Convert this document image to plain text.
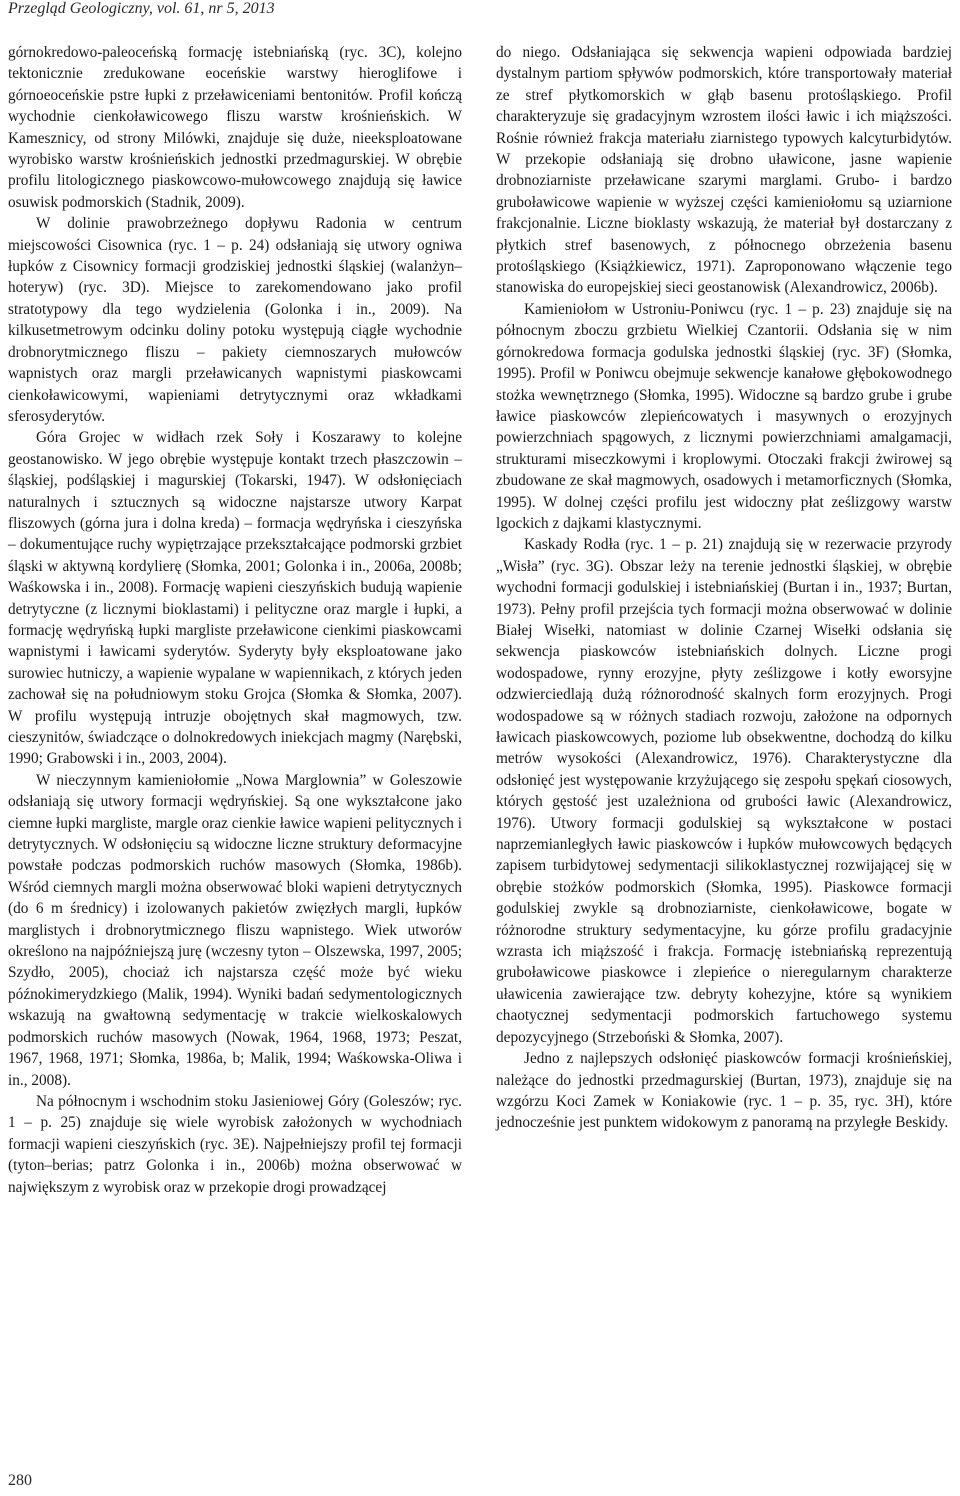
Przegląd Geologiczny, vol. 61, nr 5, 2013

górnokredowo-paleoceńską formację istebniańską (ryc. 3C), kolejno tektonicznie zredukowane eoceńskie warstwy hieroglifowe i górnoeoceńskie pstre łupki z przeławiceniami bentonitów. Profil kończą wychodnie cienkoławicowego fliszu warstw krośnieńskich. W Kamesznicy, od strony Milówki, znajduje się duże, nieeksploatowane wyrobisko warstw krośnieńskich jednostki przedmagurskiej. W obrębie profilu litologicznego piaskowcowo-mułowcowego znajdują się ławice osuwisk podmorskich (Stadnik, 2009).

W dolinie prawobrzeżnego dopływu Radonia w centrum miejscowości Cisownica (ryc. 1 – p. 24) odsłaniają się utwory ogniwa łupków z Cisownicy formacji grodziskiej jednostki śląskiej (walanżyn–hoteryw) (ryc. 3D). Miejsce to zarekomendowano jako profil stratotypowy dla tego wydzielenia (Golonka i in., 2009). Na kilkusetmetrowym odcinku doliny potoku występują ciągłe wychodnie drobnorytmicznego fliszu – pakiety ciemnoszarych mułowców wapnistych oraz margli przeławicanych wapnistymi piaskowcami cienkoławicowymi, wapieniami detrytycznymi oraz wkładkami sferosyderytów.

Góra Grojec w widłach rzek Soły i Koszarawy to kolejne geostanowisko. W jego obrębie występuje kontakt trzech płaszczowin – śląskiej, podśląskiej i magurskiej (Tokarski, 1947). W odsłonięciach naturalnych i sztucznych są widoczne najstarsze utwory Karpat fliszowych (górna jura i dolna kreda) – formacja wędryńska i cieszyńska – dokumentujące ruchy wypiętrzające przekształcające podmorski grzbiet śląski w aktywną kordylierę (Słomka, 2001; Golonka i in., 2006a, 2008b; Waśkowska i in., 2008). Formację wapieni cieszyńskich budują wapienie detrytyczne (z licznymi bioklastami) i pelityczne oraz margle i łupki, a formację wędryńską łupki margliste przeławicone cienkimi piaskowcami wapnistymi i ławicami syderytów. Syderyty były eksploatowane jako surowiec hutniczy, a wapienie wypalane w wapiennikach, z których jeden zachował się na południowym stoku Grojca (Słomka & Słomka, 2007). W profilu występują intruzje obojętnych skał magmowych, tzw. cieszynitów, świadczące o dolnokredowych iniekcjach magmy (Narębski, 1990; Grabowski i in., 2003, 2004).

W nieczynnym kamieniołomie „Nowa Marglownia” w Goleszowie odsłaniają się utwory formacji wędryńskiej. Są one wykształcone jako ciemne łupki margliste, margle oraz cienkie ławice wapieni pelitycznych i detrytycznych. W odsłonięciu są widoczne liczne struktury deformacyjne powstałe podczas podmorskich ruchów masowych (Słomka, 1986b). Wśród ciemnych margli można obserwować bloki wapieni detrytycznych (do 6 m średnicy) i izolowanych pakietów zwięzłych margli, łupków marglistych i drobnorytmicznego fliszu wapnistego. Wiek utworów określono na najpóźniejszą jurę (wczesny tyton – Olszewska, 1997, 2005; Szydło, 2005), chociaż ich najstarsza część może być wieku późnokimerydzkiego (Malik, 1994). Wyniki badań sedymentologicznych wskazują na gwałtowną sedymentację w trakcie wielkoskalowych podmorskich ruchów masowych (Nowak, 1964, 1968, 1973; Peszat, 1967, 1968, 1971; Słomka, 1986a, b; Malik, 1994; Waśkowska-Oliwa i in., 2008).

Na północnym i wschodnim stoku Jasieniowej Góry (Goleszów; ryc. 1 – p. 25) znajduje się wiele wyrobisk założonych w wychodniach formacji wapieni cieszyńskich (ryc. 3E). Najpełniejszy profil tej formacji (tyton–berias; patrz Golonka i in., 2006b) można obserwować w największym z wyrobisk oraz w przekopie drogi prowadzącej

do niego. Odsłaniająca się sekwencja wapieni odpowiada bardziej dystalnym partiom spływów podmorskich, które transportowały materiał ze stref płytkomorskich w głąb basenu protośląskiego. Profil charakteryzuje się gradacyjnym wzrostem ilości ławic i ich miąższości. Rośnie również frakcja materiału ziarnistego typowych kalcyturbidytów. W przekopie odsłaniają się drobno uławicone, jasne wapienie drobnoziarniste przeławicane szarymi marglami. Grubo- i bardzo gruboławicowe wapienie w wyższej części kamieniołomu są uziarnione frakcjonalnie. Liczne bioklasty wskazują, że materiał był dostarczany z płytkich stref basenowych, z północnego obrzeżenia basenu protośląskiego (Książkiewicz, 1971). Zaproponowano włączenie tego stanowiska do europejskiej sieci geostanowisk (Alexandrowicz, 2006b).

Kamieniołom w Ustroniu-Poniwcu (ryc. 1 – p. 23) znajduje się na północnym zboczu grzbietu Wielkiej Czantorii. Odsłania się w nim górnokredowa formacja godulska jednostki śląskiej (ryc. 3F) (Słomka, 1995). Profil w Poniwcu obejmuje sekwencje kanałowe głębokowodnego stożka wewnętrznego (Słomka, 1995). Widoczne są bardzo grube i grube ławice piaskowców zlepieńcowatych i masywnych o erozyjnych powierzchniach spągowych, z licznymi powierzchniami amalgamacji, strukturami miseczkowymi i kroplowymi. Otoczaki frakcji żwirowej są zbudowane ze skał magmowych, osadowych i metamorficznych (Słomka, 1995). W dolnej części profilu jest widoczny płat ześlizgowy warstw lgockich z dajkami klastycznymi.

Kaskady Rodła (ryc. 1 – p. 21) znajdują się w rezerwacie przyrody „Wisła” (ryc. 3G). Obszar leży na terenie jednostki śląskiej, w obrębie wychodni formacji godulskiej i istebniańskiej (Burtan i in., 1937; Burtan, 1973). Pełny profil przejścia tych formacji można obserwować w dolinie Białej Wisełki, natomiast w dolinie Czarnej Wisełki odsłania się sekwencja piaskowców istebniańskich dolnych. Liczne progi wodospadowe, rynny erozyjne, płyty ześlizgowe i kotły eworsyjne odzwierciedlają dużą różnorodność skalnych form erozyjnych. Progi wodospadowe są w różnych stadiach rozwoju, założone na odpornych ławicach piaskowcowych, poziome lub obsekwentne, dochodzą do kilku metrów wysokości (Alexandrowicz, 1976). Charakterystyczne dla odsłonięć jest występowanie krzyżującego się zespołu spękań ciosowych, których gęstość jest uzależniona od grubości ławic (Alexandrowicz, 1976). Utwory formacji godulskiej są wykształcone w postaci naprzemianległych ławic piaskowców i łupków mułowcowych będących zapisem turbidytowej sedymentacji silikoklastycznej rozwijającej się w obrębie stożków podmorskich (Słomka, 1995). Piaskowce formacji godulskiej zwykle są drobnoziarniste, cienkoławicowe, bogate w różnorodne struktury sedymentacyjne, ku górze profilu gradacyjnie wzrasta ich miąższość i frakcja. Formację istebniańską reprezentują gruboławicowe piaskowce i zlepieńce o nieregularnym charakterze uławicenia zawierające tzw. debryty kohezyjne, które są wynikiem chaotycznej sedymentacji podmorskich fartuchowego systemu depozycyjnego (Strzeboński & Słomka, 2007).

Jedno z najlepszych odsłonięć piaskowców formacji krośnieńskiej, należące do jednostki przedmagurskiej (Burtan, 1973), znajduje się na wzgórzu Koci Zamek w Koniakowie (ryc. 1 – p. 35, ryc. 3H), które jednocześnie jest punktem widokowym z panoramą na przyległe Beskidy.

280
